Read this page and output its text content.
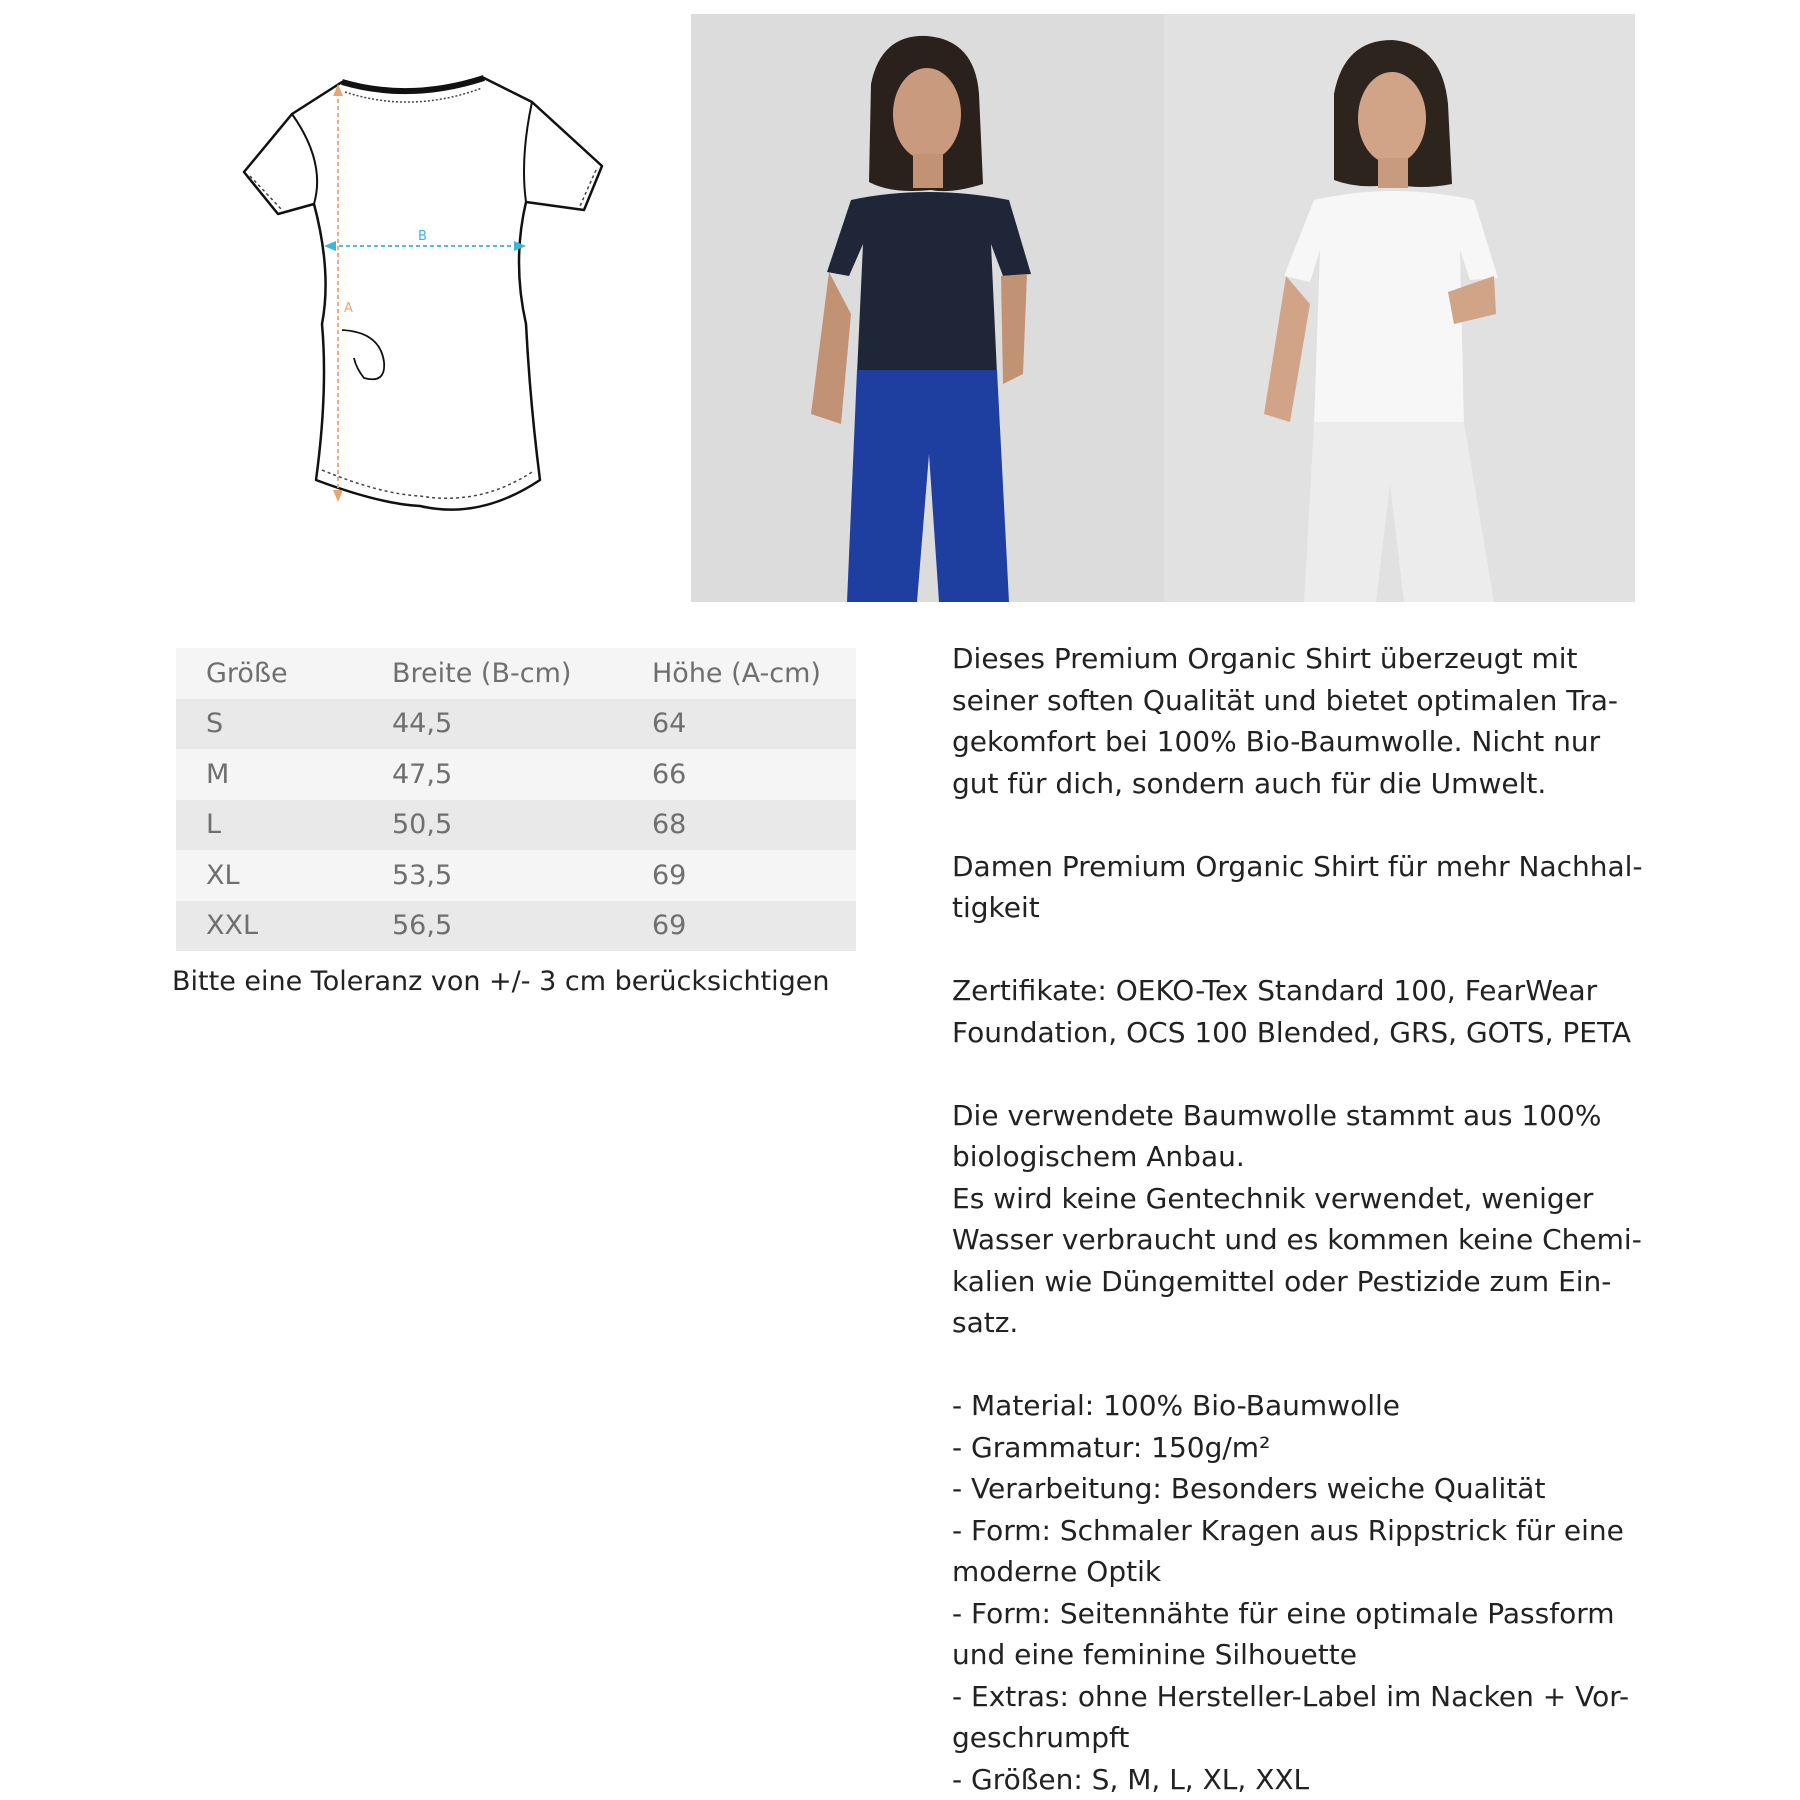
A
B
Größe	Breite (B-cm)	Höhe (A-cm)
S	44,5	64
M	47,5	66
L	50,5	68
XL	53,5	69
XXL	56,5	69
Bitte eine Toleranz von +/- 3 cm berücksichtigen

Dieses Premium Organic Shirt überzeugt mit
seiner soften Qualität und bietet optimalen Tra-
gekomfort bei 100% Bio-Baumwolle. Nicht nur
gut für dich, sondern auch für die Umwelt.

Damen Premium Organic Shirt für mehr Nachhal-
tigkeit

Zertifikate: OEKO-Tex Standard 100, FearWear
Foundation, OCS 100 Blended, GRS, GOTS, PETA

Die verwendete Baumwolle stammt aus 100%
biologischem Anbau.
Es wird keine Gentechnik verwendet, weniger
Wasser verbraucht und es kommen keine Chemi-
kalien wie Düngemittel oder Pestizide zum Ein-
satz.

- Material: 100% Bio-Baumwolle
- Grammatur: 150g/m²
- Verarbeitung: Besonders weiche Qualität
- Form: Schmaler Kragen aus Rippstrick für eine
moderne Optik
- Form: Seitennähte für eine optimale Passform
und eine feminine Silhouette
- Extras: ohne Hersteller-Label im Nacken + Vor-
geschrumpft
- Größen: S, M, L, XL, XXL
